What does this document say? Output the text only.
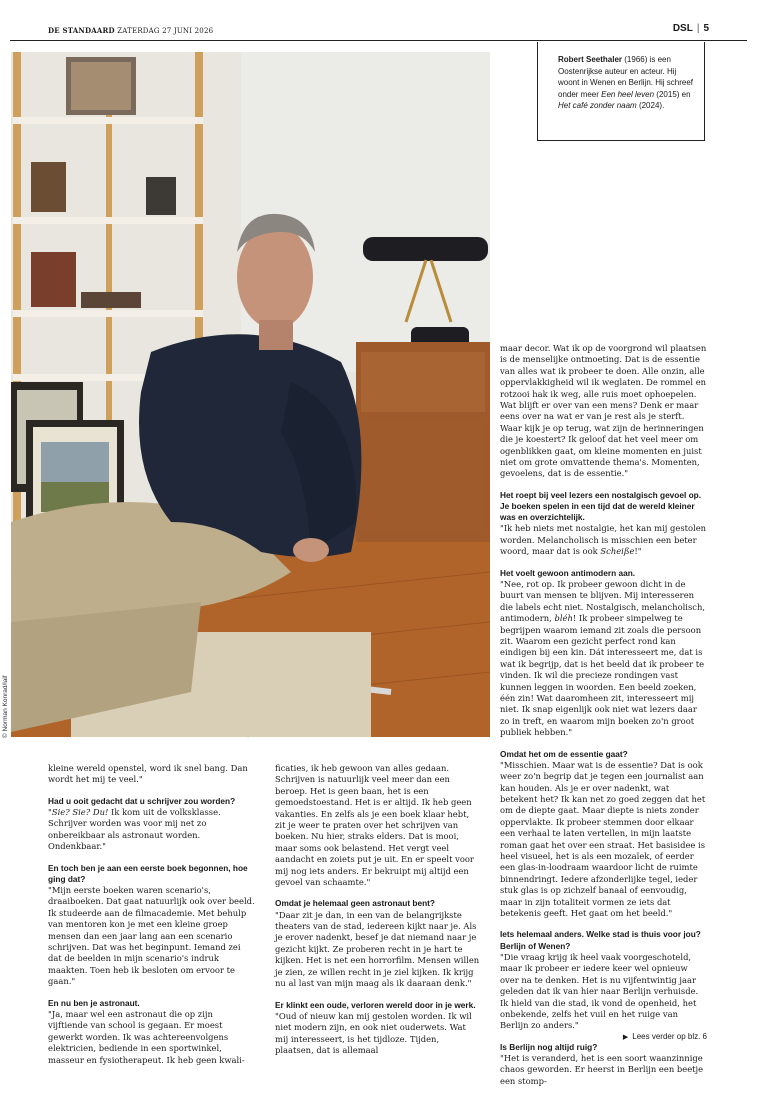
DE STANDAARD ZATERDAG 27 JUNI 2026	DSL | 5
© Norman Konrad/laif
Robert Seethaler (1966) is een Oostenrijkse auteur en acteur. Hij woont in Wenen en Berlijn. Hij schreef onder meer Een heel leven (2015) en Het café zonder naam (2024).

maar decor. Wat ik op de voorgrond wil plaatsen is de menselijke ontmoeting. Dat is de essentie van alles wat ik probeer te doen. Alle onzin, alle oppervlakkigheid wil ik weglaten. De rommel en rotzooi hak ik weg, alle ruis moet ophoepelen. Wat blijft er over van een mens? Denk er maar eens over na wat er van je rest als je sterft. Waar kijk je op terug, wat zijn de herinneringen die je koestert? Ik geloof dat het veel meer om ogenblikken gaat, om kleine momenten en juist niet om grote omvattende thema's. Momenten, gevoelens, dat is de essentie."

Het roept bij veel lezers een nostalgisch gevoel op. Je boeken spelen in een tijd dat de wereld kleiner was en overzichtelijk.

"Ik heb niets met nostalgie, het kan mij gestolen worden. Melancholisch is misschien een beter woord, maar dat is ook Scheiße!"

Het voelt gewoon antimodern aan.

"Nee, rot op. Ik probeer gewoon dicht in de buurt van mensen te blijven. Mij interesseren die labels echt niet. Nostalgisch, melancholisch, antimodern, bléh! Ik probeer simpelweg te begrijpen waarom iemand zit zoals die persoon zit. Waarom een gezicht perfect rond kan eindigen bij een kin. Dát interesseert me, dat is wat ik begrijp, dat is het beeld dat ik probeer te vinden. Ik wil die precieze rondingen vast kunnen leggen in woorden. Een beeld zoeken, één zin! Wat daaromheen zit, interesseert mij niet. Ik snap eigenlijk ook niet wat lezers daar zo in treft, en waarom mijn boeken zo'n groot publiek hebben."

Omdat het om de essentie gaat?

"Misschien. Maar wat is de essentie? Dat is ook weer zo'n begrip dat je tegen een journalist aan kan houden. Als je er over nadenkt, wat betekent het? Ik kan net zo goed zeggen dat het om de diepte gaat. Maar diepte is niets zonder oppervlakte. Ik probeer stemmen door elkaar een verhaal te laten vertellen, in mijn laatste roman gaat het over een straat. Het basisidee is heel visueel, het is als een mozaïek, of eerder een glas-in-loodraam waardoor licht de ruimte binnendringt. Iedere afzonderlijke tegel, ieder stuk glas is op zichzelf banaal of eenvoudig, maar in zijn totaliteit vormen ze iets dat betekenis geeft. Het gaat om het beeld."

Iets helemaal anders. Welke stad is thuis voor jou? Berlijn of Wenen?

"Die vraag krijg ik heel vaak voorgeschoteld, maar ik probeer er iedere keer wel opnieuw over na te denken. Het is nu vijfentwintig jaar geleden dat ik van hier naar Berlijn verhuisde. Ik hield van die stad, ik vond de openheid, het onbekende, zelfs het vuil en het ruige van Berlijn zo anders."

Is Berlijn nog altijd ruig?

"Het is veranderd, het is een soort waanzinnige chaos geworden. Er heerst in Berlijn een beetje een stomp-

kleine wereld openstel, word ik snel bang. Dan wordt het mij te veel."

Had u ooit gedacht dat u schrijver zou worden?

"Sie? Sie? Du! Ik kom uit de volksklasse. Schrijver worden was voor mij net zo onbereikbaar als astronaut worden. Ondenkbaar."

En toch ben je aan een eerste boek begonnen, hoe ging dat?

"Mijn eerste boeken waren scenario's, draaiboeken. Dat gaat natuurlijk ook over beeld. Ik studeerde aan de filmacademie. Met behulp van mentoren kon je met een kleine groep mensen dan een jaar lang aan een scenario schrijven. Dat was het beginpunt. Iemand zei dat de beelden in mijn scenario's indruk maakten. Toen heb ik besloten om ervoor te gaan."

En nu ben je astronaut.

"Ja, maar wel een astronaut die op zijn vijftiende van school is gegaan. Er moest gewerkt worden. Ik was achtereenvolgens elektricien, bediende in een sportwinkel, masseur en fysiotherapeut. Ik heb geen kwali-

ficaties, ik heb gewoon van alles gedaan. Schrijven is natuurlijk veel meer dan een beroep. Het is geen baan, het is een gemoedstoestand. Het is er altijd. Ik heb geen vakanties. En zelfs als je een boek klaar hebt, zit je weer te praten over het schrijven van boeken. Nu hier, straks elders. Dat is mooi, maar soms ook belastend. Het vergt veel aandacht en zoiets put je uit. En er speelt voor mij nog iets anders. Er bekruipt mij altijd een gevoel van schaamte."

Omdat je helemaal geen astronaut bent?

"Daar zit je dan, in een van de belangrijkste theaters van de stad, iedereen kijkt naar je. Als je erover nadenkt, besef je dat niemand naar je gezicht kijkt. Ze proberen recht in je hart te kijken. Het is net een horrorfilm. Mensen willen je zien, ze willen recht in je ziel kijken. Ik krijg nu al last van mijn maag als ik daaraan denk."

Er klinkt een oude, verloren wereld door in je werk.

"Oud of nieuw kan mij gestolen worden. Ik wil niet modern zijn, en ook niet ouderwets. Wat mij interesseert, is het tijdloze. Tijden, plaatsen, dat is allemaal

▶ Lees verder op blz. 6
